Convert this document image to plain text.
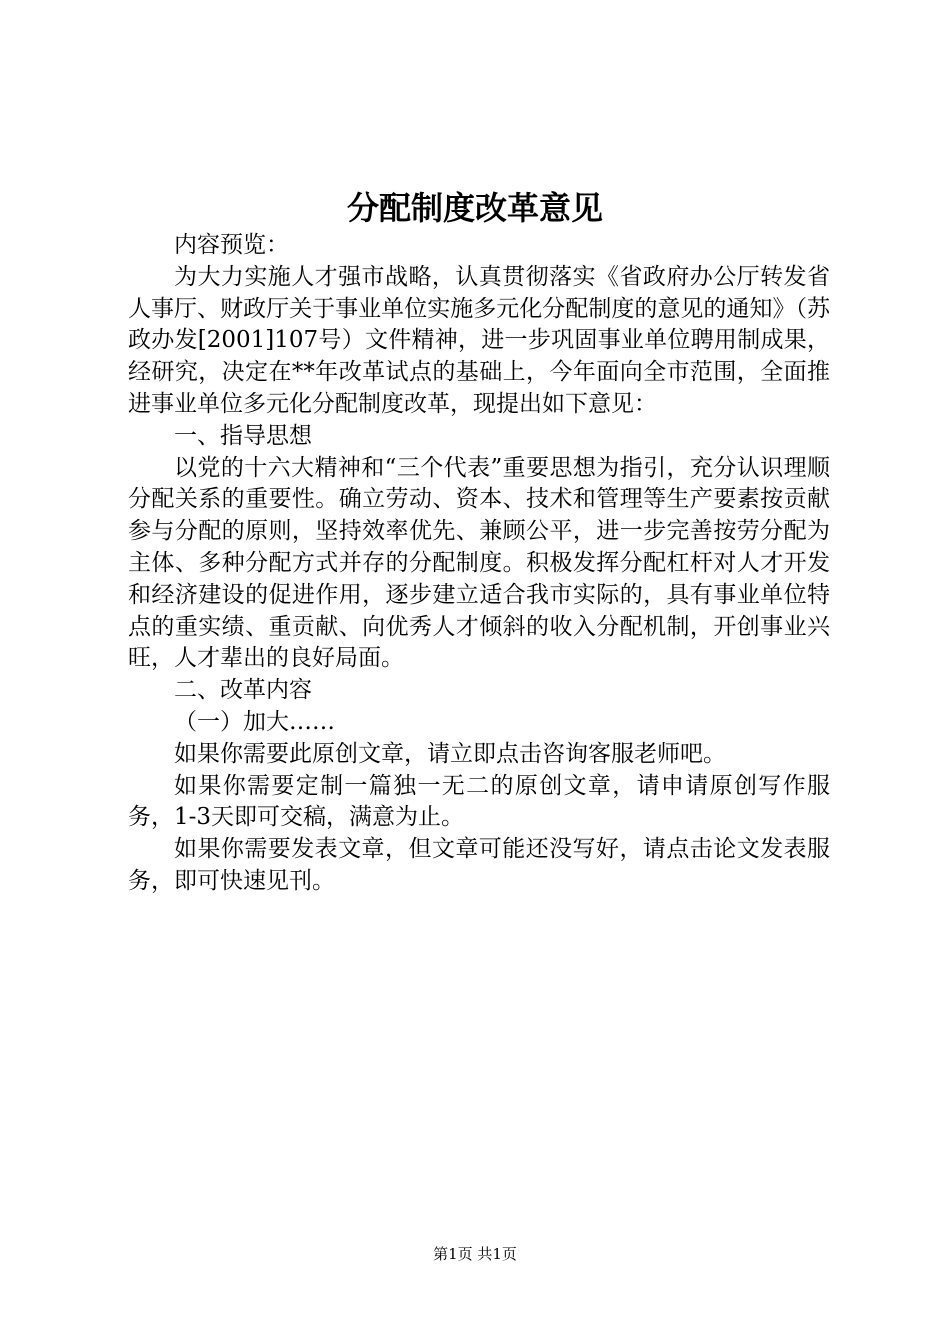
分配制度改革意见

内容预览：

为大力实施人才强市战略，认真贯彻落实《省政府办公厅转发省人事厅、财政厅关于事业单位实施多元化分配制度的意见的通知》（苏政办发[2001]107号）文件精神，进一步巩固事业单位聘用制成果，经研究，决定在**年改革试点的基础上，今年面向全市范围，全面推进事业单位多元化分配制度改革，现提出如下意见：

一、指导思想

以党的十六大精神和“三个代表”重要思想为指引，充分认识理顺分配关系的重要性。确立劳动、资本、技术和管理等生产要素按贡献参与分配的原则，坚持效率优先、兼顾公平，进一步完善按劳分配为主体、多种分配方式并存的分配制度。积极发挥分配杠杆对人才开发和经济建设的促进作用，逐步建立适合我市实际的，具有事业单位特点的重实绩、重贡献、向优秀人才倾斜的收入分配机制，开创事业兴旺，人才辈出的良好局面。

二、改革内容

（一）加大……

如果你需要此原创文章，请立即点击咨询客服老师吧。

如果你需要定制一篇独一无二的原创文章，请申请原创写作服务，1-3天即可交稿，满意为止。

如果你需要发表文章，但文章可能还没写好，请点击论文发表服务，即可快速见刊。

第1页 共1页
